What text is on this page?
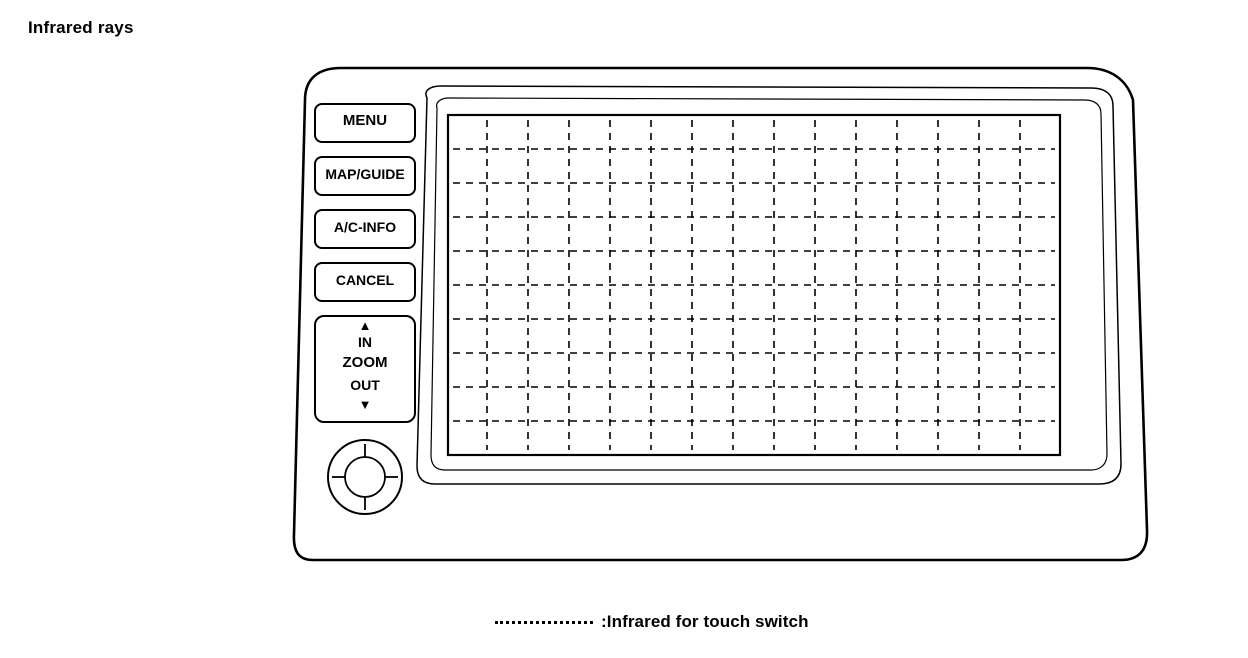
Infrared rays
MENU
MAP/GUIDE
A/C-INFO
CANCEL
▲
IN
ZOOM
OUT
▼
:Infrared for touch switch
